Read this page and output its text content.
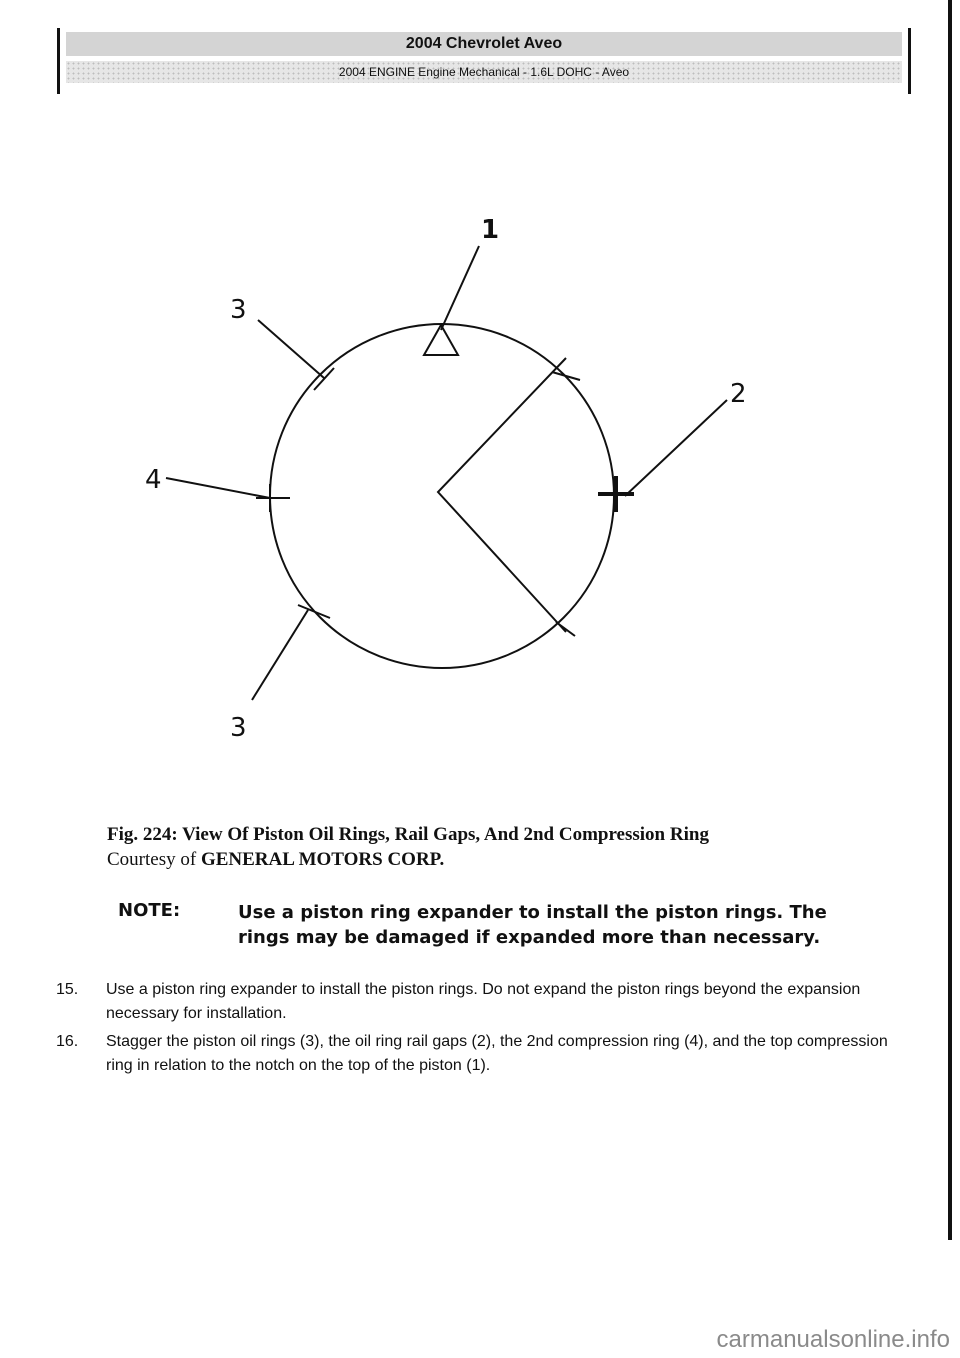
2004 Chevrolet Aveo
2004 ENGINE Engine Mechanical - 1.6L DOHC - Aveo
1
2
3
3
4
Fig. 224: View Of Piston Oil Rings, Rail Gaps, And 2nd Compression Ring
Courtesy of GENERAL MOTORS CORP.
NOTE:	Use a piston ring expander to install the piston rings. The rings may be damaged if expanded more than necessary.
15. Use a piston ring expander to install the piston rings. Do not expand the piston rings beyond the expansion necessary for installation.
16. Stagger the piston oil rings (3), the oil ring rail gaps (2), the 2nd compression ring (4), and the top compression ring in relation to the notch on the top of the piston (1).
carmanualsonline.info
